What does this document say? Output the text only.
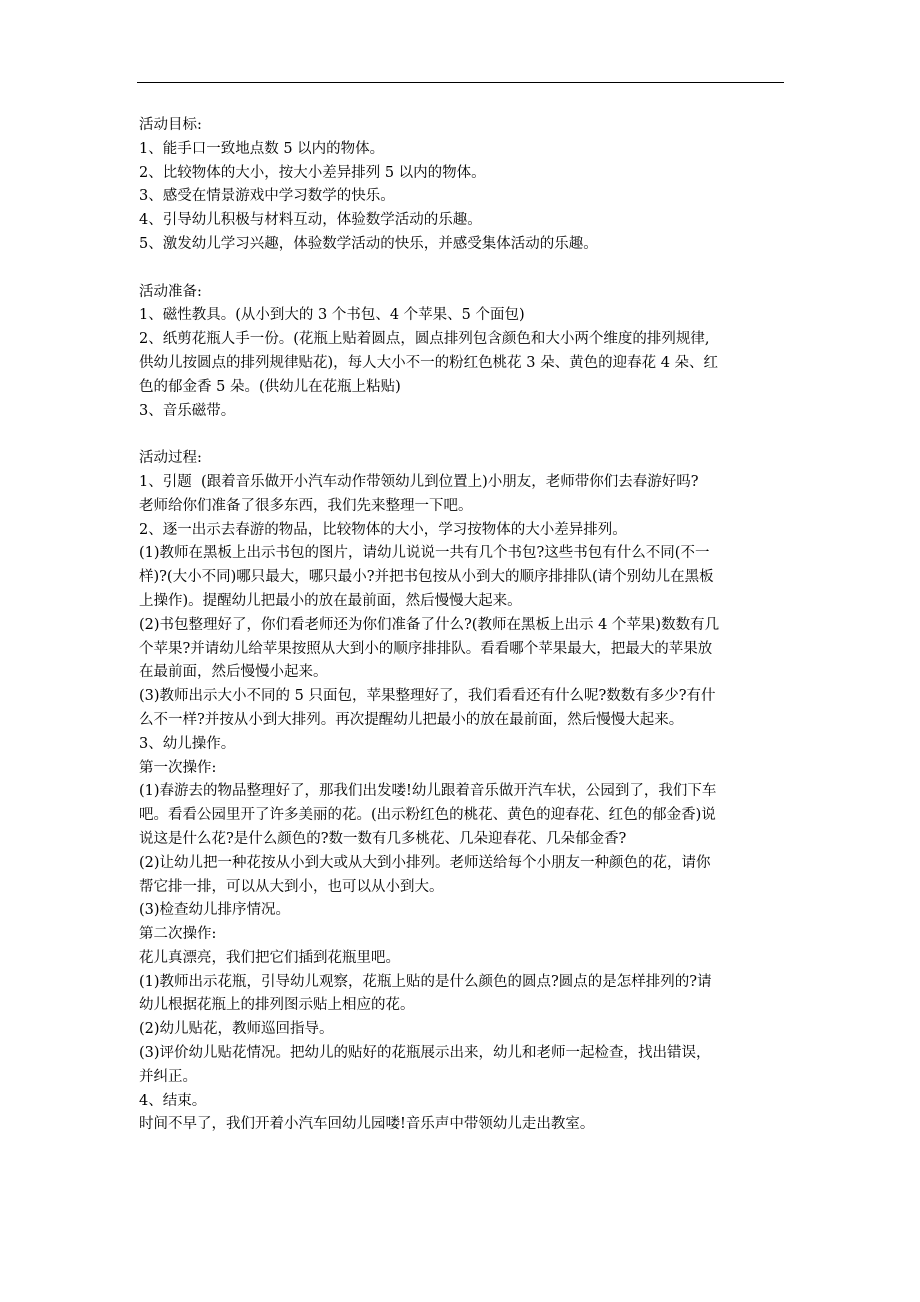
活动目标:
1、能手口一致地点数 5 以内的物体。
2、比较物体的大小，按大小差异排列 5 以内的物体。
3、感受在情景游戏中学习数学的快乐。
4、引导幼儿积极与材料互动，体验数学活动的乐趣。
5、激发幼儿学习兴趣，体验数学活动的快乐，并感受集体活动的乐趣。
活动准备:
1、磁性教具。(从小到大的 3 个书包、4 个苹果、5 个面包)
2、纸剪花瓶人手一份。(花瓶上贴着圆点，圆点排列包含颜色和大小两个维度的排列规律,
供幼儿按圆点的排列规律贴花)，每人大小不一的粉红色桃花 3 朵、黄色的迎春花 4 朵、红
色的郁金香 5 朵。(供幼儿在花瓶上粘贴)
3、音乐磁带。
活动过程:
1、引题  (跟着音乐做开小汽车动作带领幼儿到位置上)小朋友，老师带你们去春游好吗?
老师给你们准备了很多东西，我们先来整理一下吧。
2、逐一出示去春游的物品，比较物体的大小，学习按物体的大小差异排列。
(1)教师在黑板上出示书包的图片，请幼儿说说一共有几个书包?这些书包有什么不同(不一
样)?(大小不同)哪只最大，哪只最小?并把书包按从小到大的顺序排排队(请个别幼儿在黑板
上操作)。提醒幼儿把最小的放在最前面，然后慢慢大起来。
(2)书包整理好了，你们看老师还为你们准备了什么?(教师在黑板上出示 4 个苹果)数数有几
个苹果?并请幼儿给苹果按照从大到小的顺序排排队。看看哪个苹果最大，把最大的苹果放
在最前面，然后慢慢小起来。
(3)教师出示大小不同的 5 只面包，苹果整理好了，我们看看还有什么呢?数数有多少?有什
么不一样?并按从小到大排列。再次提醒幼儿把最小的放在最前面，然后慢慢大起来。
3、幼儿操作。
第一次操作:
(1)春游去的物品整理好了，那我们出发喽!幼儿跟着音乐做开汽车状，公园到了，我们下车
吧。看看公园里开了许多美丽的花。(出示粉红色的桃花、黄色的迎春花、红色的郁金香)说
说这是什么花?是什么颜色的?数一数有几多桃花、几朵迎春花、几朵郁金香?
(2)让幼儿把一种花按从小到大或从大到小排列。老师送给每个小朋友一种颜色的花，请你
帮它排一排，可以从大到小，也可以从小到大。
(3)检查幼儿排序情况。
第二次操作:
花儿真漂亮，我们把它们插到花瓶里吧。
(1)教师出示花瓶，引导幼儿观察，花瓶上贴的是什么颜色的圆点?圆点的是怎样排列的?请
幼儿根据花瓶上的排列图示贴上相应的花。
(2)幼儿贴花，教师巡回指导。
(3)评价幼儿贴花情况。把幼儿的贴好的花瓶展示出来，幼儿和老师一起检查，找出错误，
并纠正。
4、结束。
时间不早了，我们开着小汽车回幼儿园喽!音乐声中带领幼儿走出教室。
